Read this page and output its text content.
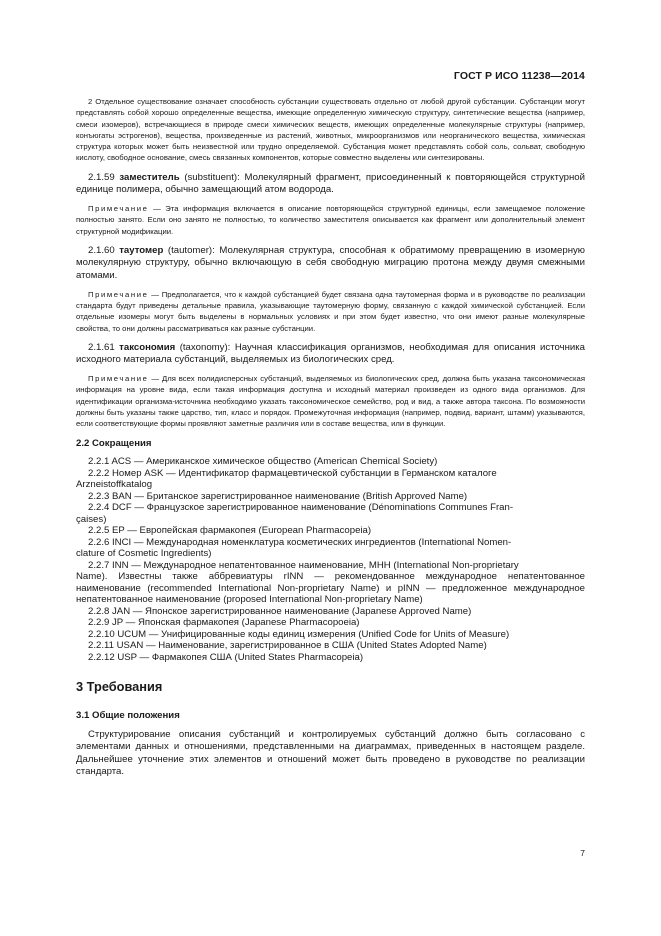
ГОСТ Р ИСО 11238—2014

2 Отдельное существование означает способность субстанции существовать отдельно от любой другой субстанции. Субстанции могут представлять собой хорошо определенные вещества, имеющие определенную химическую структуру, синтетические вещества (например, смеси изомеров), встречающиеся в природе смеси химических веществ, имеющих определенные молекулярные структуры (например, конъюгаты эстрогенов), вещества, произведенные из растений, животных, микроорганизмов или неорганического вещества, химическая структура которых может быть неизвестной или трудно определяемой. Субстанция может представлять собой соль, сольват, свободную кислоту, свободное основание, смесь связанных компонентов, которые совместно выделены или синтезированы.

2.1.59 заместитель (substituent): Молекулярный фрагмент, присоединенный к повторяющейся структурной единице полимера, обычно замещающий атом водорода.

Примечание — Эта информация включается в описание повторяющейся структурной единицы, если замещаемое положение полностью занято. Если оно занято не полностью, то количество заместителя описывается как фрагмент или дополнительный элемент структурной модификации.

2.1.60 таутомер (tautomer): Молекулярная структура, способная к обратимому превращению в изомерную молекулярную структуру, обычно включающую в себя свободную миграцию протона между двумя смежными атомами.

Примечание — Предполагается, что к каждой субстанцией будет связана одна таутомерная форма и в руководстве по реализации стандарта будут приведены детальные правила, указывающие таутомерную форму, связанную с каждой химической субстанцией. Если отдельные изомеры могут быть выделены в нормальных условиях и при этом будет известно, что они имеют разные молекулярные свойства, то они должны рассматриваться как разные субстанции.

2.1.61 таксономия (taxonomy): Научная классификация организмов, необходимая для описания источника исходного материала субстанций, выделяемых из биологических сред.

Примечание — Для всех полидисперсных субстанций, выделяемых из биологических сред, должна быть указана таксономическая информация на уровне вида, если такая информация доступна и исходный материал произведен из одного вида организмов. Для идентификации организма-источника необходимо указать таксономическое семейство, род и вид, а также автора таксона. По возможности должны быть указаны также царство, тип, класс и порядок. Промежуточная информация (например, подвид, вариант, штамм) указываются, если соответствующие формы проявляют заметные различия или в составе вещества, или в функции.

2.2 Сокращения

2.2.1 ACS — Американское химическое общество (American Chemical Society)

2.2.2 Номер ASK — Идентификатор фармацевтической субстанции в Германском каталоге

Arzneistoffkatalog

2.2.3 BAN — Британское зарегистрированное наименование (British Approved Name)

2.2.4 DCF — Французское зарегистрированное наименование (Dénominations Communes Fran-

çaises)

2.2.5 EP — Европейская фармакопея (European Pharmacopeia)

2.2.6 INCI — Международная номенклатура косметических ингредиентов (International Nomen-

clature of Cosmetic Ingredients)

2.2.7 INN — Международное непатентованное наименование, МНН (International Non-proprietary

Name). Известны также аббревиатуры rINN — рекомендованное международное непатентованное наименование (recommended International Non-proprietary Name) и pINN — предложенное международное непатентованное наименование (proposed International Non-proprietary Name)

2.2.8 JAN — Японское зарегистрированное наименование (Japanese Approved Name)

2.2.9 JP — Японская фармакопея (Japanese Pharmacopoeia)

2.2.10 UCUM — Унифицированные коды единиц измерения (Unified Code for Units of Measure)

2.2.11 USAN — Наименование, зарегистрированное в США (United States Adopted Name)

2.2.12 USP — Фармакопея США (United States Pharmacopeia)

3 Требования

3.1 Общие положения

Структурирование описания субстанций и контролируемых субстанций должно быть согласовано с элементами данных и отношениями, представленными на диаграммах, приведенных в настоящем разделе. Дальнейшее уточнение этих элементов и отношений может быть проведено в руководстве по реализации стандарта.

7
